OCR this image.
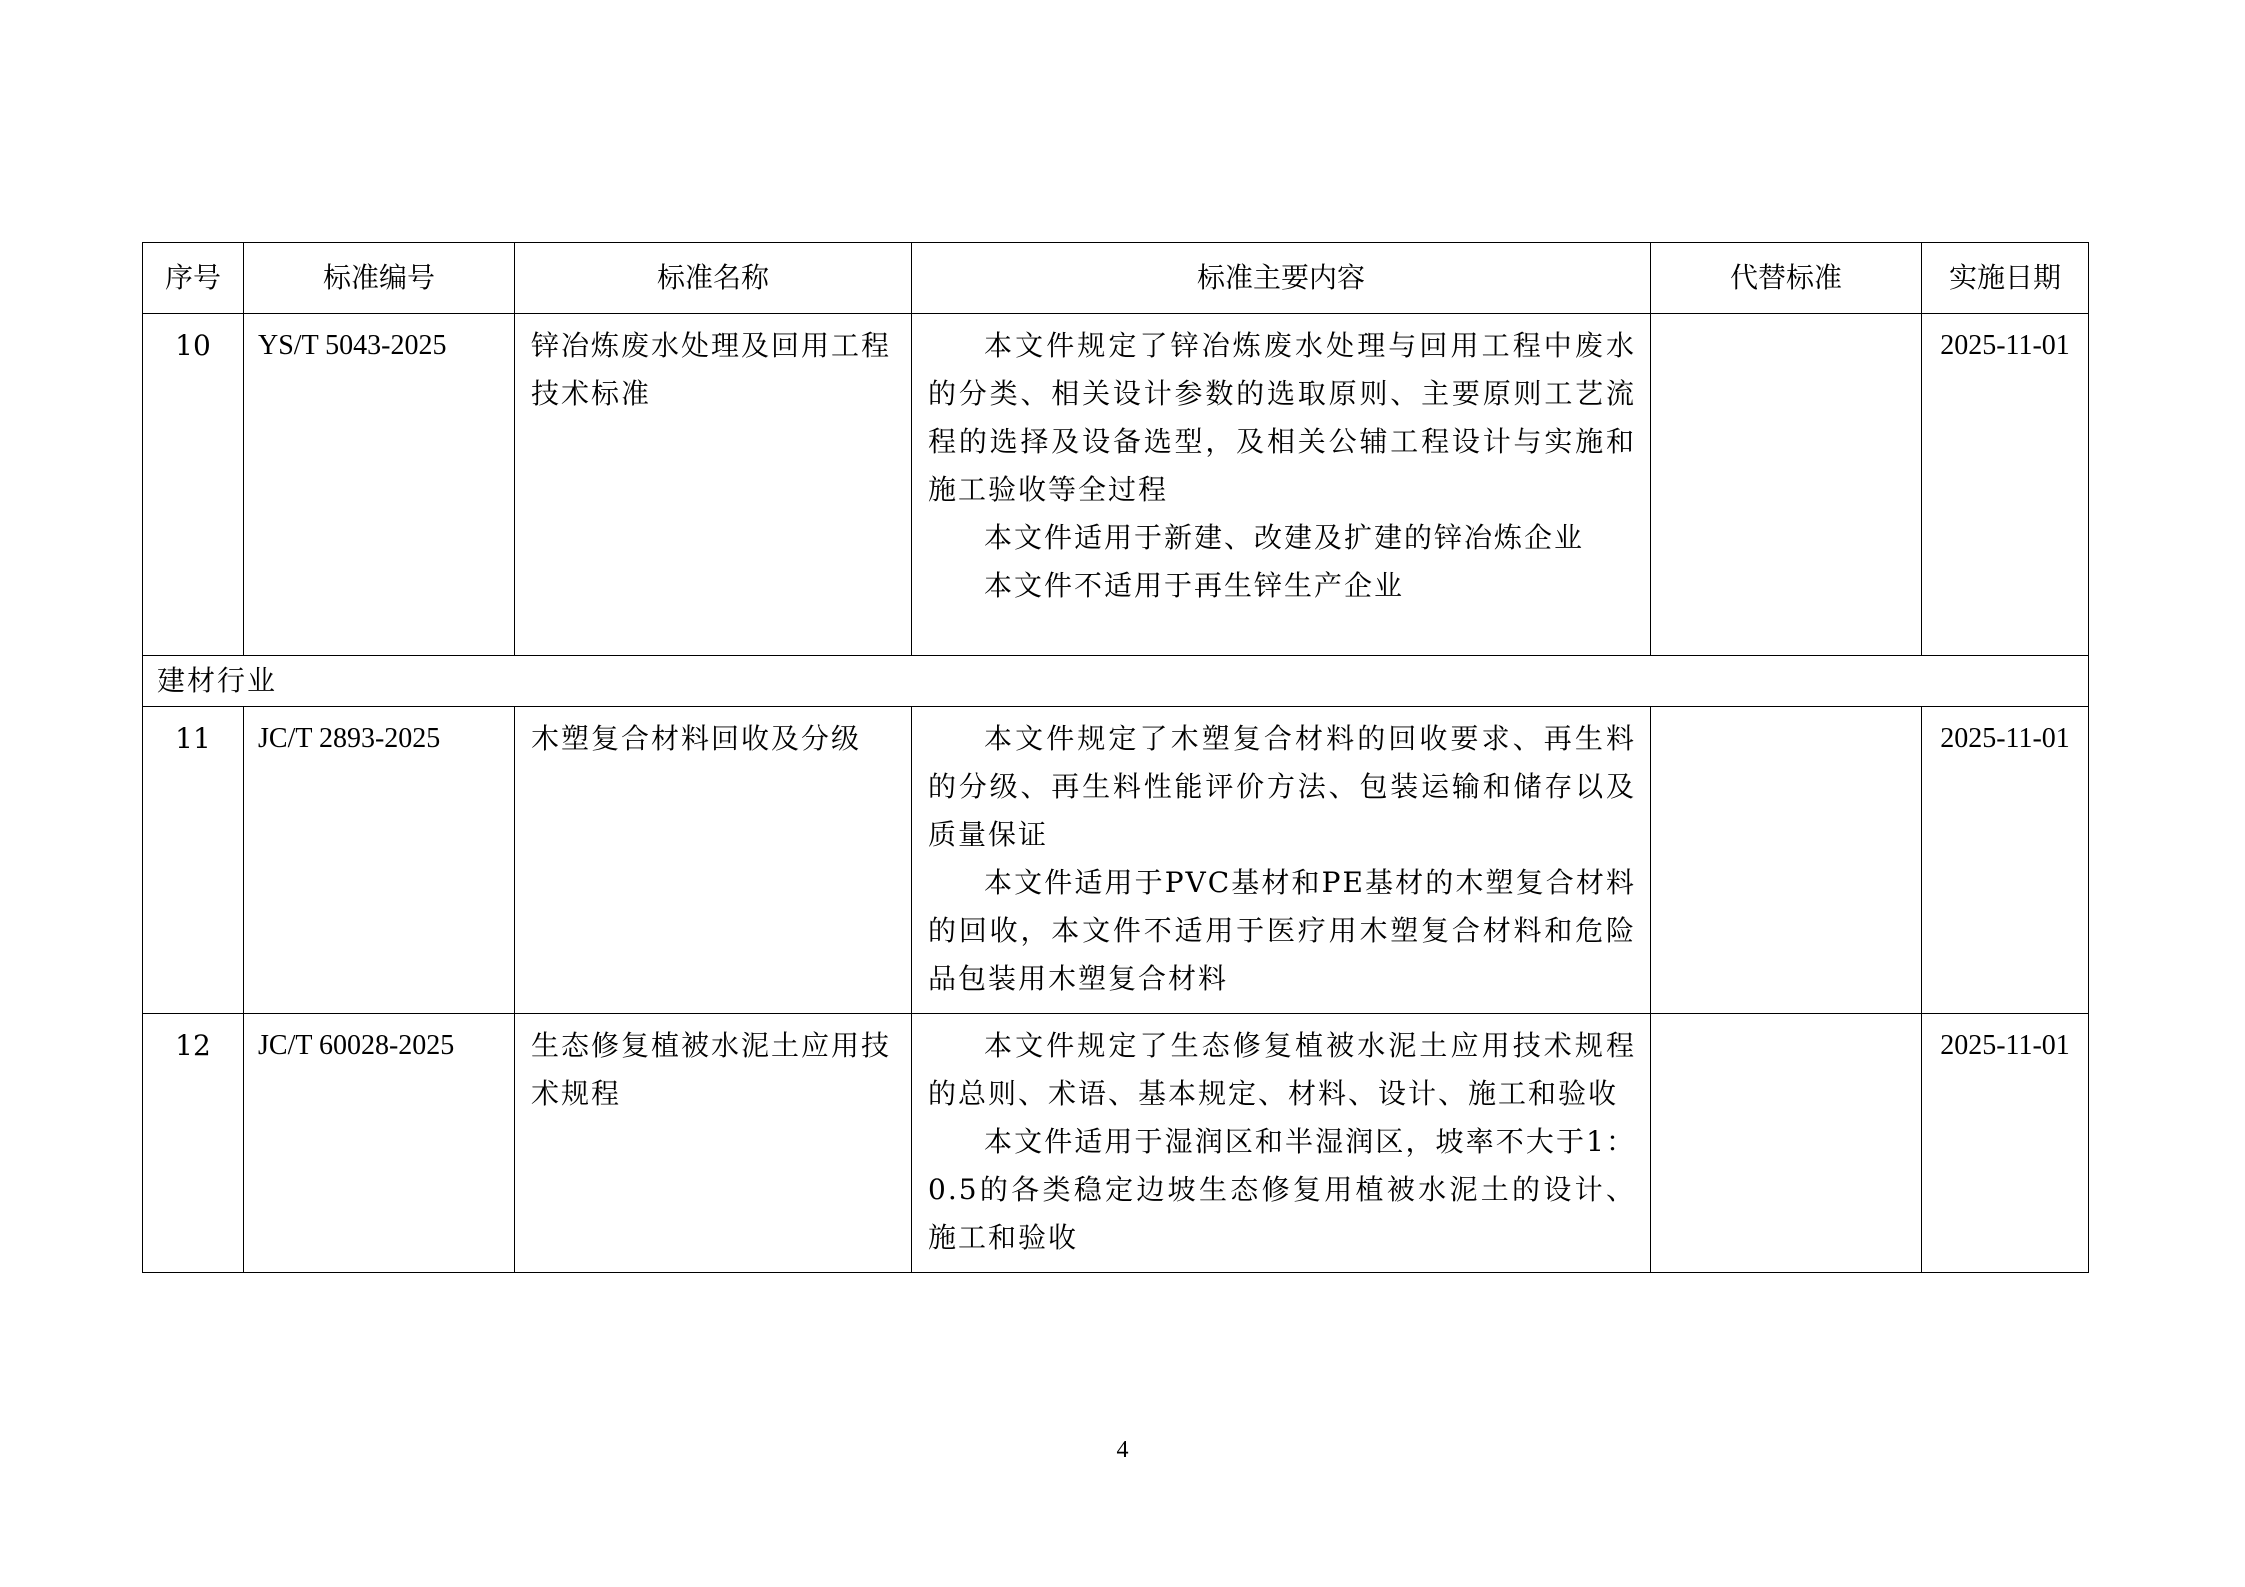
序号	标准编号	标准名称	标准主要内容	代替标准	实施日期
10	YS/T 5043-2025	锌冶炼废水处理及回用工程技术标准	本文件规定了锌冶炼废水处理与回用工程中废水的分类、相关设计参数的选取原则、主要原则工艺流程的选择及设备选型，及相关公辅工程设计与实施和施工验收等全过程

本文件适用于新建、改建及扩建的锌冶炼企业

本文件不适用于再生锌生产企业		2025-11-01
建材行业					
11	JC/T 2893-2025	木塑复合材料回收及分级	本文件规定了木塑复合材料的回收要求、再生料的分级、再生料性能评价方法、包装运输和储存以及质量保证

本文件适用于PVC基材和PE基材的木塑复合材料的回收，本文件不适用于医疗用木塑复合材料和危险品包装用木塑复合材料		2025-11-01
12	JC/T 60028-2025	生态修复植被水泥土应用技术规程	本文件规定了生态修复植被水泥土应用技术规程的总则、术语、基本规定、材料、设计、施工和验收

本文件适用于湿润区和半湿润区，坡率不大于1：0.5的各类稳定边坡生态修复用植被水泥土的设计、施工和验收		2025-11-01
4
